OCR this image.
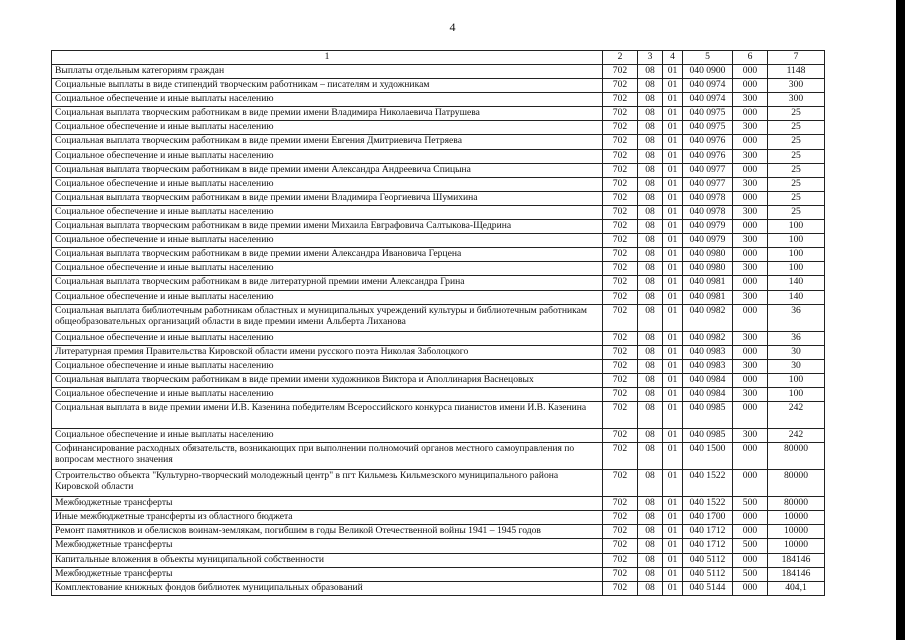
4
1	2	3	4	5	6	7
Выплаты отдельным категориям граждан	702	08	01	040 0900	000	1148
Социальные выплаты в виде стипендий творческим работникам – писателям и художникам	702	08	01	040 0974	000	300
Социальное обеспечение и иные выплаты населению	702	08	01	040 0974	300	300
Социальная выплата творческим работникам в виде премии имени Владимира Николаевича Патрушева	702	08	01	040 0975	000	25
Социальное обеспечение и иные выплаты населению	702	08	01	040 0975	300	25
Социальная выплата творческим работникам в виде премии имени Евгения Дмитриевича Петряева	702	08	01	040 0976	000	25
Социальное обеспечение и иные выплаты населению	702	08	01	040 0976	300	25
Социальная выплата творческим работникам в виде премии имени Александра Андреевича Спицына	702	08	01	040 0977	000	25
Социальное обеспечение и иные выплаты населению	702	08	01	040 0977	300	25
Социальная выплата творческим работникам в виде премии имени Владимира Георгиевича Шумихина	702	08	01	040 0978	000	25
Социальное обеспечение и иные выплаты населению	702	08	01	040 0978	300	25
Социальная выплата творческим работникам в виде премии имени Михаила Евграфовича Салтыкова-Щедрина	702	08	01	040 0979	000	100
Социальное обеспечение и иные выплаты населению	702	08	01	040 0979	300	100
Социальная выплата творческим работникам в виде премии имени Александра Ивановича Герцена	702	08	01	040 0980	000	100
Социальное обеспечение и иные выплаты населению	702	08	01	040 0980	300	100
Социальная выплата творческим работникам в виде литературной премии имени Александра Грина	702	08	01	040 0981	000	140
Социальное обеспечение и иные выплаты населению	702	08	01	040 0981	300	140
Социальная выплата библиотечным работникам областных и муниципальных учреждений культуры и библиотечным работникам общеобразовательных организаций области в виде премии имени Альберта Лиханова	702	08	01	040 0982	000	36
Социальное обеспечение и иные выплаты населению	702	08	01	040 0982	300	36
Литературная премия Правительства Кировской области имени русского поэта Николая Заболоцкого	702	08	01	040 0983	000	30
Социальное обеспечение и иные выплаты населению	702	08	01	040 0983	300	30
Социальная выплата творческим работникам в виде премии имени художников Виктора и Аполлинария Васнецовых	702	08	01	040 0984	000	100
Социальное обеспечение и иные выплаты населению	702	08	01	040 0984	300	100
Социальная выплата в виде премии имени И.В. Казенина победителям Всероссийского конкурса пианистов имени И.В. Казенина	702	08	01	040 0985	000	242
Социальное обеспечение и иные выплаты населению	702	08	01	040 0985	300	242
Софинансирование расходных обязательств, возникающих при выполнении полномочий органов местного самоуправления по вопросам местного значения	702	08	01	040 1500	000	80000
Строительство объекта "Культурно-творческий молодежный центр" в пгт Кильмезь Кильмезского муниципального района Кировской области	702	08	01	040 1522	000	80000
Межбюджетные трансферты	702	08	01	040 1522	500	80000
Иные межбюджетные трансферты из областного бюджета	702	08	01	040 1700	000	10000
Ремонт памятников и обелисков воинам-землякам, погибшим в годы Великой Отечественной войны 1941 – 1945 годов	702	08	01	040 1712	000	10000
Межбюджетные трансферты	702	08	01	040 1712	500	10000
Капитальные вложения в объекты муниципальной собственности	702	08	01	040 5112	000	184146
Межбюджетные трансферты	702	08	01	040 5112	500	184146
Комплектование книжных фондов библиотек муниципальных образований	702	08	01	040 5144	000	404,1
